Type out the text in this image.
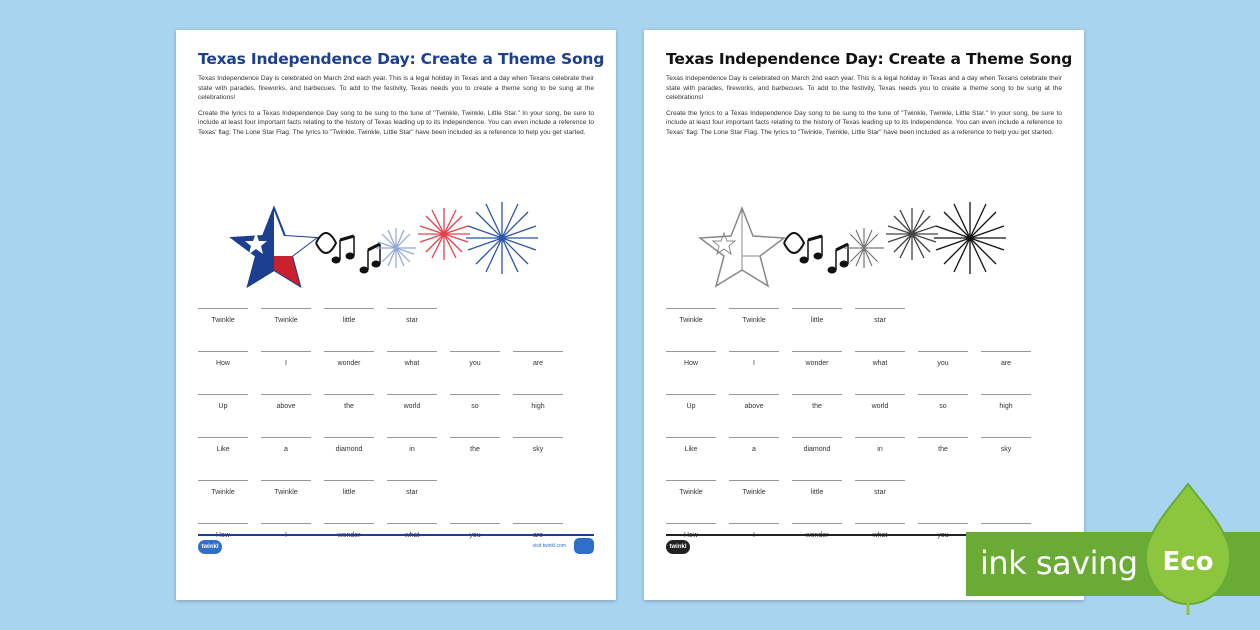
Texas Independence Day: Create a Theme Song

Texas Independence Day is celebrated on March 2nd each year. This is a legal holiday in Texas and a day when Texans celebrate their state with parades, fireworks, and barbecues. To add to the festivity, Texas needs you to create a theme song to be sung at the celebrations!

Create the lyrics to a Texas Independence Day song to be sung to the tune of "Twinkle, Twinkle, Little Star." In your song, be sure to include at least four important facts relating to the history of Texas leading up to its Independence. You can even include a reference to Texas' flag: The Lone Star Flag. The lyrics to "Twinkle, Twinkle, Little Star" have been included as a reference to help you get started.

Twinkle	Twinkle	little	star
How	I	wonder	what	you	are
Up	above	the	world	so	high
Like	a	diamond	in	the	sky
Twinkle	Twinkle	little	star
twinkl	visit twinkl.com
Texas Independence Day: Create a Theme Song

Texas Independence Day is celebrated on March 2nd each year. This is a legal holiday in Texas and a day when Texans celebrate their state with parades, fireworks, and barbecues. To add to the festivity, Texas needs you to create a theme song to be sung at the celebrations!

Create the lyrics to a Texas Independence Day song to be sung to the tune of "Twinkle, Twinkle, Little Star." In your song, be sure to include at least four important facts relating to the history of Texas leading up to its Independence. You can even include a reference to Texas' flag: The Lone Star Flag. The lyrics to "Twinkle, Twinkle, Little Star" have been included as a reference to help you get started.

Twinkle	Twinkle	little	star
How	I	wonder	what	you	are
Up	above	the	world	so	high
Like	a	diamond	in	the	sky
Twinkle	Twinkle	little	star
twinkl	ink saving Eco
